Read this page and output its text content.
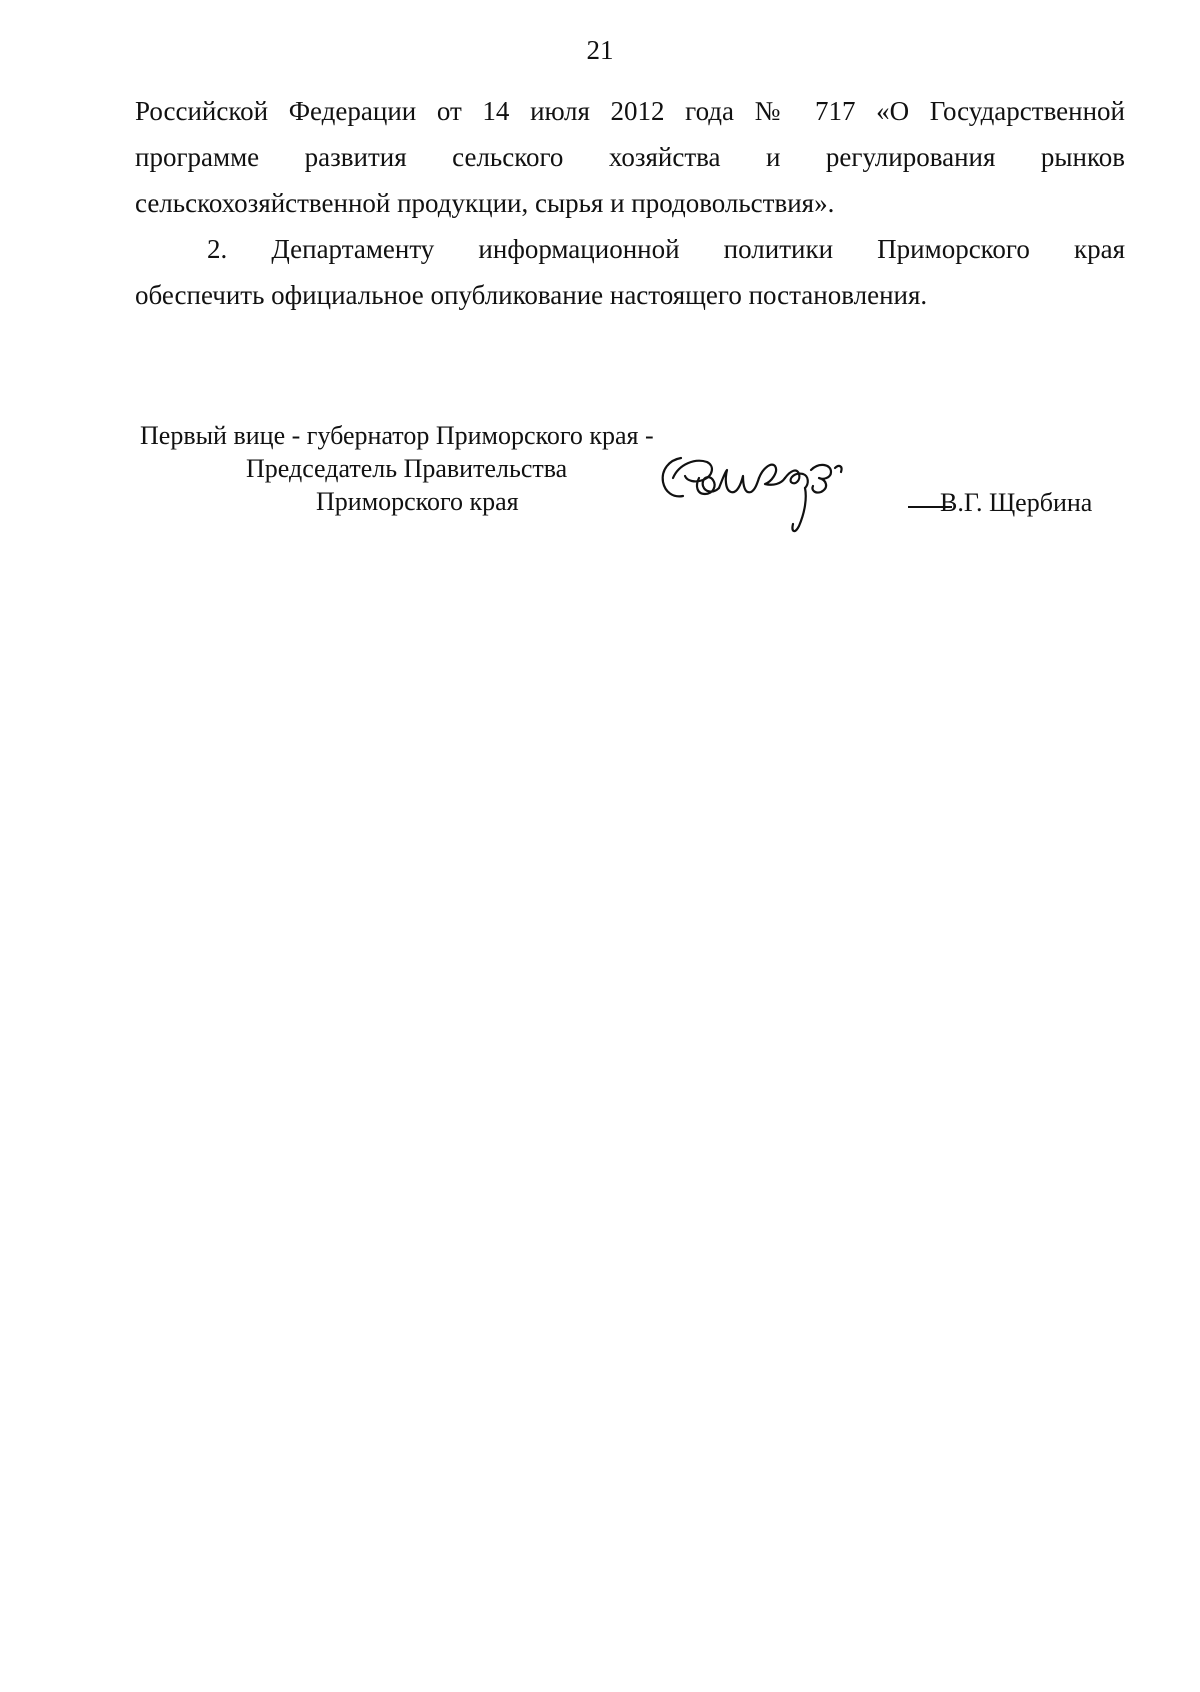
21
Российской Федерации от 14 июля 2012 года № 717 «О Государственной
программе развития сельского хозяйства и регулирования рынков
сельскохозяйственной продукции, сырья и продовольствия».
2. Департаменту информационной политики Приморского края
обеспечить официальное опубликование настоящего постановления.
Первый вице - губернатор Приморского края -
Председатель Правительства
Приморского края	В.Г. Щербина
